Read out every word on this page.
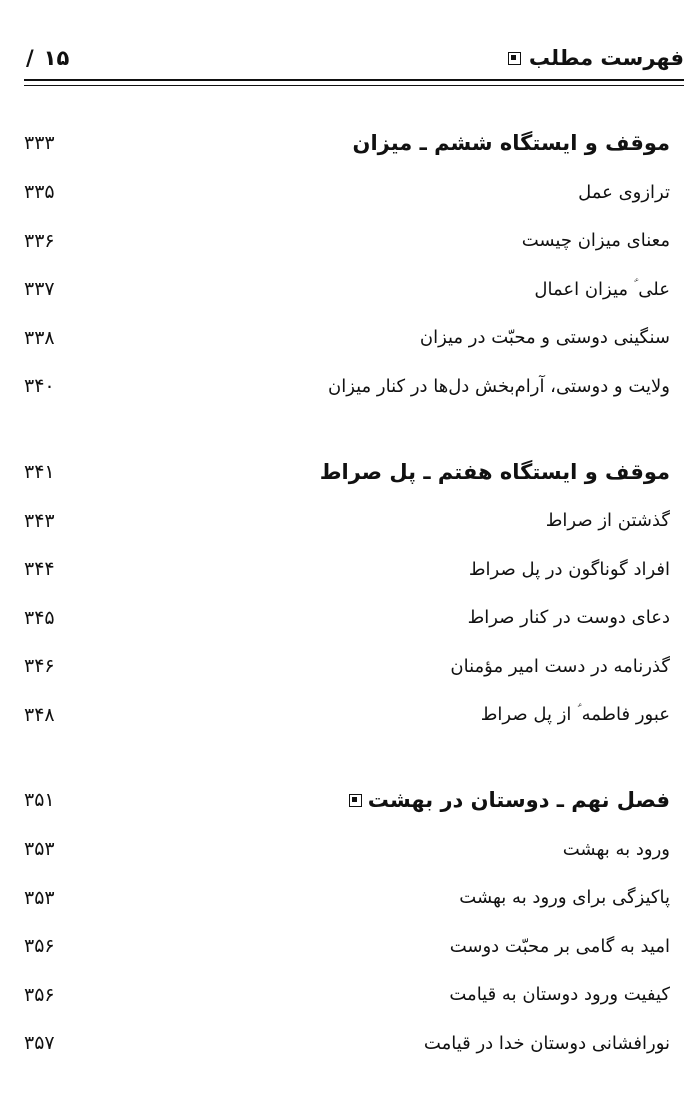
۱۵
/	فهرست مطلب
۳۳۳	موقف و ایستگاه ششم ـ میزان
۳۳۵	ترازوی عمل
۳۳۶	معنای میزان چیست
۳۳۷	علی ؑ میزان اعمال
۳۳۸	سنگینی دوستی و محبّت در میزان
۳۴۰	ولایت و دوستی، آرام‌بخش دل‌ها در کنار میزان
۳۴۱	موقف و ایستگاه هفتم ـ پل صراط
۳۴۳	گذشتن از صراط
۳۴۴	افراد گوناگون در پل صراط
۳۴۵	دعای دوست در کنار صراط
۳۴۶	گذرنامه در دست امیر مؤمنان
۳۴۸	عبور فاطمه ؑ از پل صراط
۳۵۱	فصل نهم ـ دوستان در بهشت
۳۵۳	ورود به بهشت
۳۵۳	پاکیزگی برای ورود به بهشت
۳۵۶	امید به گامی بر محبّت دوست
۳۵۶	کیفیت ورود دوستان به قیامت
۳۵۷	نورافشانی دوستان خدا در قیامت
